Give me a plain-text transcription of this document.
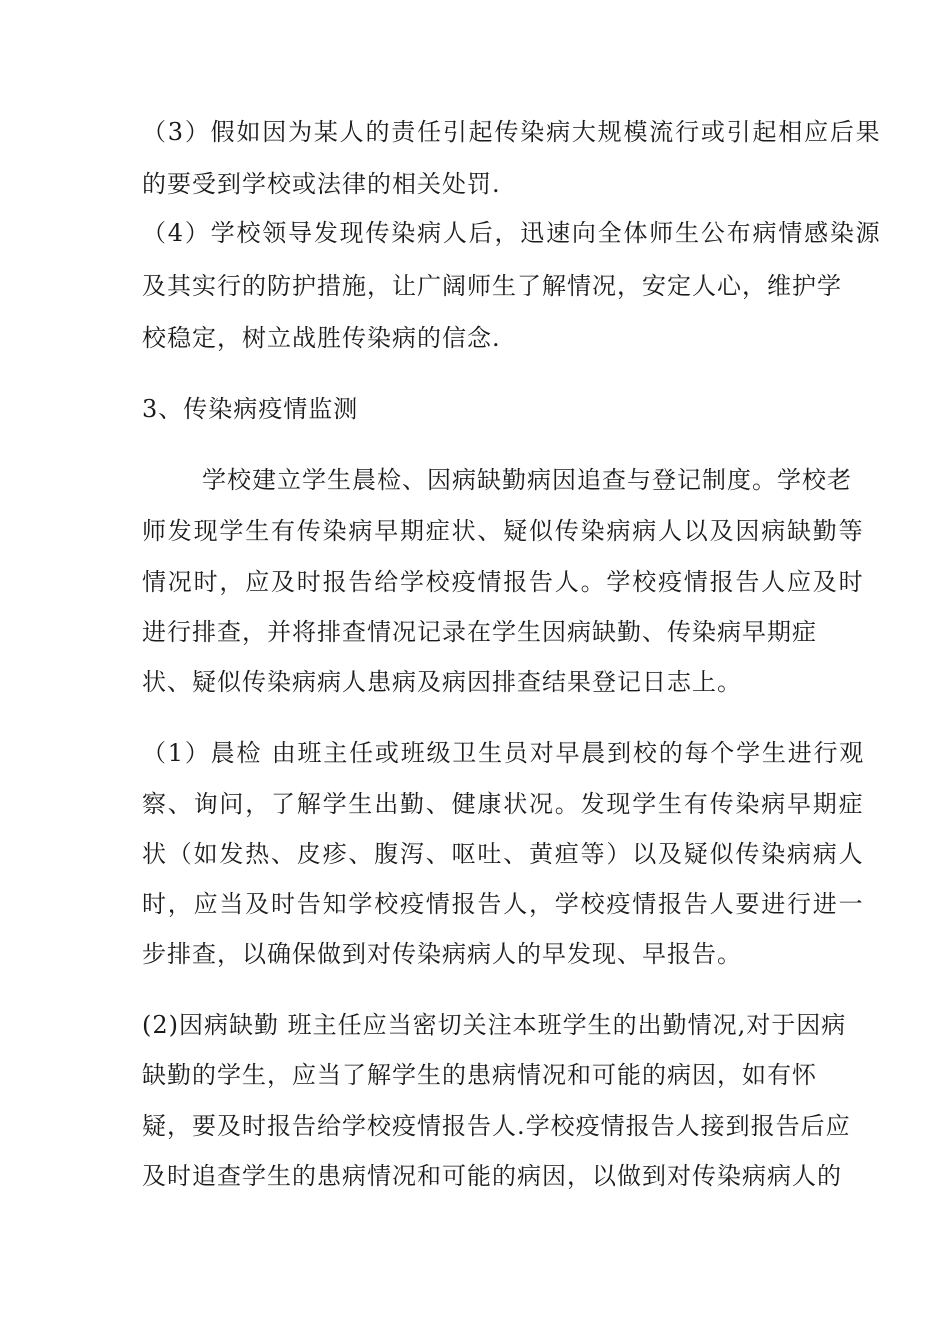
（3）假如因为某人的责任引起传染病大规模流行或引起相应后果
的要受到学校或法律的相关处罚.
（4）学校领导发现传染病人后，迅速向全体师生公布病情感染源
及其实行的防护措施，让广阔师生了解情况，安定人心，维护学
校稳定，树立战胜传染病的信念.
3、传染病疫情监测
学校建立学生晨检、因病缺勤病因追查与登记制度。学校老
师发现学生有传染病早期症状、疑似传染病病人以及因病缺勤等
情况时，应及时报告给学校疫情报告人。学校疫情报告人应及时
进行排查，并将排查情况记录在学生因病缺勤、传染病早期症
状、疑似传染病病人患病及病因排查结果登记日志上。
（1）晨检 由班主任或班级卫生员对早晨到校的每个学生进行观
察、询问，了解学生出勤、健康状况。发现学生有传染病早期症
状（如发热、皮疹、腹泻、呕吐、黄疸等）以及疑似传染病病人
时，应当及时告知学校疫情报告人，学校疫情报告人要进行进一
步排查，以确保做到对传染病病人的早发现、早报告。
(2)因病缺勤 班主任应当密切关注本班学生的出勤情况,对于因病
缺勤的学生，应当了解学生的患病情况和可能的病因，如有怀
疑，要及时报告给学校疫情报告人.学校疫情报告人接到报告后应
及时追查学生的患病情况和可能的病因，以做到对传染病病人的
